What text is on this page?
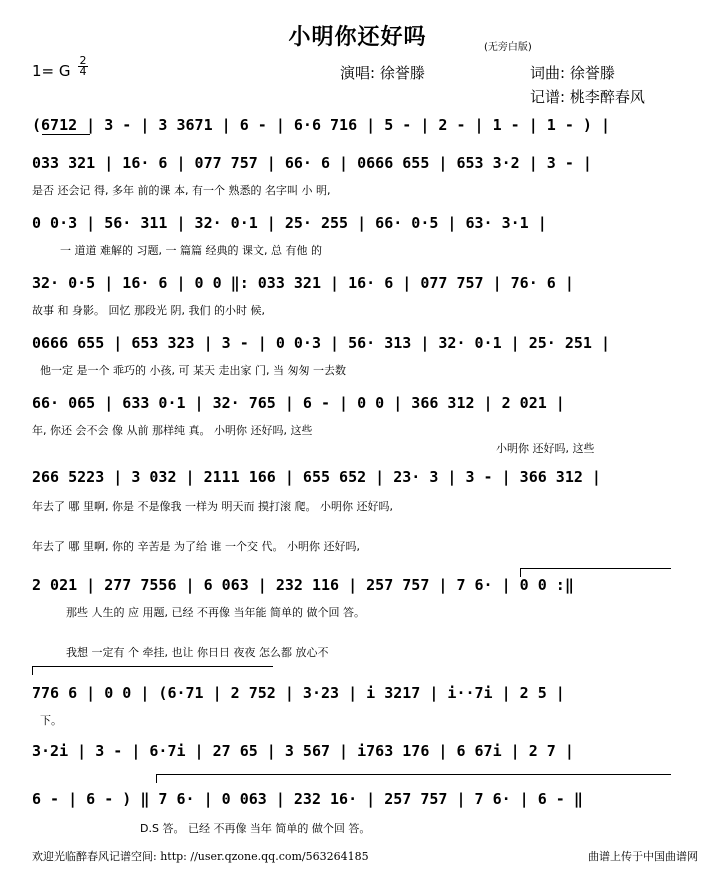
小明你还好吗	(无旁白版)
1= G
2
4	演唱: 徐誉滕	词曲: 徐誉滕
记谱: 桃李醉春风
(6712 | 3 - | 3 3671 | 6 - | 6·6 716 | 5 - | 2 - | 1 - | 1 - ) |
033 321 | 16· 6 | 077 757 | 66· 6 | 0666 655 | 653 3·2 | 3 - |
是否 还会记 得, 多年 前的课 本, 有一个 熟悉的 名字叫 小 明,
0 0·3 | 56· 311 | 32· 0·1 | 25· 255 | 66· 0·5 | 63· 3·1 |
一 道道 难解的 习题, 一 篇篇 经典的 课文, 总 有他 的
32· 0·5 | 16· 6 | 0 0 ‖: 033 321 | 16· 6 | 077 757 | 76· 6 |
故事 和 身影。 回忆 那段光 阴, 我们 的小时 候,
0666 655 | 653 323 | 3 - | 0 0·3 | 56· 313 | 32· 0·1 | 25· 251 |
他一定 是一个 乖巧的 小孩, 可 某天 走出家 门, 当 匆匆 一去数
66· 065 | 633 0·1 | 32· 765 | 6 - | 0 0 | 366 312 | 2 021 |
年, 你还 会不会 像 从前 那样纯 真。 小明你 还好吗, 这些
小明你 还好吗, 这些
266 5223 | 3 032 | 2111 166 | 655 652 | 23· 3 | 3 - | 366 312 |
年去了 哪 里啊, 你是 不是像我 一样为 明天而 摸打滚 爬。 小明你 还好吗,
年去了 哪 里啊, 你的 辛苦是 为了给 谁 一个交 代。 小明你 还好吗,
2 021 | 277 7556 | 6 063 | 232 116 | 257 757 | 7 6· | 0 0 :‖
那些 人生的 应 用题, 已经 不再像 当年能 简单的 做个回 答。
我想 一定有 个 牵挂, 也让 你日日 夜夜 怎么都 放心不
776 6 | 0 0 | (6·71 | 2 752 | 3·23 | i 3217 | i··7i | 2 5 |
下。
3·2i | 3 - | 6·7i | 27 65 | 3 567 | i763 176 | 6 67i | 2 7 |
6 - | 6 - ) ‖ 7 6· | 0 063 | 232 16· | 257 757 | 7 6· | 6 - ‖
D.S 答。 已经 不再像 当年 简单的 做个回 答。
欢迎光临醉春风记谱空间: http: //user.qzone.qq.com/563264185	曲谱上传于中国曲谱网
